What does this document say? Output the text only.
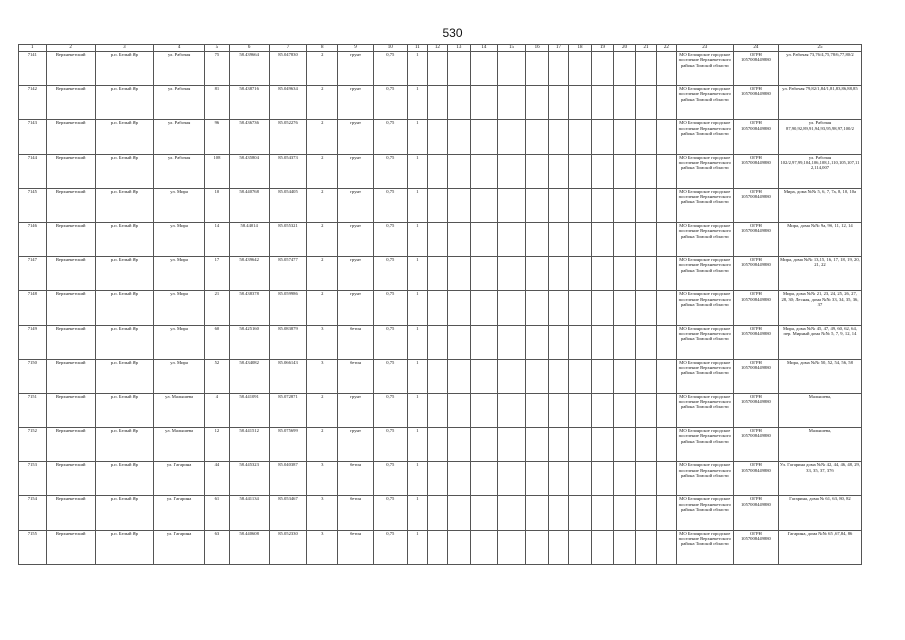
530
1	2	3	4	5	6	7	8	9	10	11	12	13	14	15	16	17	18	19	20	21	22	23	24	25
7141	Верхнекетский	р.п. Белый Яр	ул. Рабочая	75	58.439664	85.047830	2	грунт	0,75	1												МО Белоярское городское поселение Верхнекетского района Томской области	ОГРН 1057008449880	ул. Рабочая 73,76/4,75,78/6,77,80/2
7142	Верхнекетский	р.п. Белый Яр	ул. Рабочая	81	58.438716	85.049634	2	грунт	0,75	1												МО Белоярское городское поселение Верхнекетского района Томской области	ОГРН 1057008449880	ул. Рабочая 79,82/1,84/1,81,83,86,88,85
7143	Верхнекетский	р.п. Белый Яр	ул. Рабочая	96	58.436736	85.052276	2	грунт	0,75	1												МО Белоярское городское поселение Верхнекетского района Томской области	ОГРН 1057008449880	ул. Рабочая 87,90,92,89,91,94,93,95,98,97,100/2
7144	Верхнекетский	р.п. Белый Яр	ул. Рабочая	108	58.435804	85.054373	2	грунт	0,75	1												МО Белоярское городское поселение Верхнекетского района Томской области	ОГРН 1057008449880	ул. Рабочая 102/2,97,99,104,106,108,1,110,105,107,112,114,007
7145	Верхнекетский	р.п. Белый Яр	ул. Мира	10	58.440768	85.054405	2	грунт	0,75	1												МО Белоярское городское поселение Верхнекетского района Томской области	ОГРН 1057008449880	Мира, дома №№ 5, 6, 7, 7а, 8, 10, 10а
7146	Верхнекетский	р.п. Белый Яр	ул. Мира	14	58.44014	85.055321	2	грунт	0,75	1												МО Белоярское городское поселение Верхнекетского района Томской области	ОГРН 1057008449880	Мира, дома №№ 9а, 9б, 11, 12, 14
7147	Верхнекетский	р.п. Белый Яр	ул. Мира	17	58.439642	85.057477	2	грунт	0,75	1												МО Белоярское городское поселение Верхнекетского района Томской области	ОГРН 1057008449880	Мира, дома №№ 13,15, 16, 17, 18, 19, 20, 21, 22
7148	Верхнекетский	р.п. Белый Яр	ул. Мира	21	58.438378	85.059986	2	грунт	0,75	1												МО Белоярское городское поселение Верхнекетского района Томской области	ОГРН 1057008449880	Мира, дома №№ 21, 23, 24, 25, 26, 27, 28, 30; Лесная, дома №№ 33, 34, 35, 36, 37
7149	Верхнекетский	р.п. Белый Яр	ул. Мира	60	58.425160	85.083879	3	бетон	0,75	1												МО Белоярское городское поселение Верхнекетского района Томской области	ОГРН 1057008449880	Мира, дома №№ 45, 47, 49, 60, 62, 64, пер. Мирный дома №№ 5, 7, 9, 12, 14
7150	Верхнекетский	р.п. Белый Яр	ул. Мира	52	58.434082	85.066143	3	бетон	0,75	1												МО Белоярское городское поселение Верхнекетского района Томской области	ОГРН 1057008449880	Мира, дома №№ 50, 52, 54, 56, 58
7151	Верхнекетский	р.п. Белый Яр	ул. Малышева	4	58.441091	85.072871	2	грунт	0,75	1												МО Белоярское городское поселение Верхнекетского района Томской области	ОГРН 1057008449880	Малышева,
7152	Верхнекетский	р.п. Белый Яр	ул. Малышева	12	58.441512	85.075699	2	грунт	0,75	1												МО Белоярское городское поселение Верхнекетского района Томской области	ОГРН 1057008449880	Малышева,
7153	Верхнекетский	р.п. Белый Яр	ул. Гагарина	44	58.445323	85.040387	3	бетон	0,75	1												МО Белоярское городское поселение Верхнекетского района Томской области	ОГРН 1057008449880	Ул. Гагарина дома №№ 42, 44, 46, 48, 29, 33, 35, 37, 37б
7154	Верхнекетский	р.п. Белый Яр	ул. Гагарина	61	58.441134	85.053467	3	бетон	0,75	1												МО Белоярское городское поселение Верхнекетского района Томской области	ОГРН 1057008449880	Гагарина, дома № 61, 63, 80, 82
7155	Верхнекетский	р.п. Белый Яр	ул. Гагарина	63	58.440608	85.052330	3	бетон	0,75	1												МО Белоярское городское поселение Верхнекетского района Томской области	ОГРН 1057008449880	Гагарина, дома №№ 65 ,67,84, 86
